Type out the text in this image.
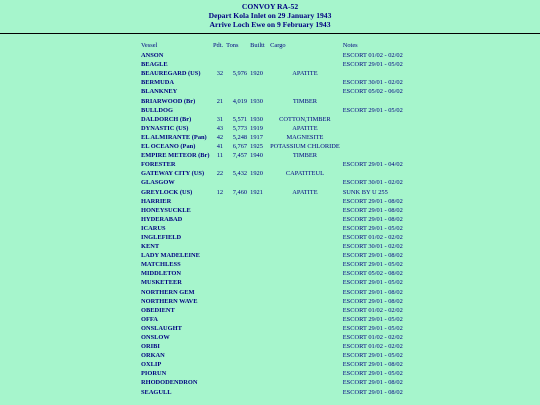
CONVOY RA-52
Depart Kola Inlet on 29 January 1943
Arrive Loch Ewe on 9 February 1943
Vessel	Pdt.	Tons	Builtt	Cargo	Notes
ANSON					ESCORT 01/02 - 02/02
BEAGLE					ESCORT 29/01 - 05/02
BEAUREGARD (US)	32	5,976	1920	APATITE	
BERMUDA					ESCORT 30/01 - 02/02
BLANKNEY					ESCORT 05/02 - 06/02
BRIARWOOD (Br)	21	4,019	1930	TIMBER	
BULLDOG					ESCORT 29/01 - 05/02
DALDORCH (Br)	31	5,571	1930	COTTON,TIMBER	
DYNASTIC (US)	43	5,773	1919	APATITE	
EL ALMIRANTE (Pan)	42	5,248	1917	MAGNESITE	
EL OCEANO (Pan)	41	6,767	1925	POTASSIUM CHLORIDE	
EMPIRE METEOR (Br)	11	7,457	1940	TIMBER	
FORESTER					ESCORT 29/01 - 04/02
GATEWAY CITY (US)	22	5,432	1920	CAPATITEUL	
GLASGOW					ESCORT 30/01 - 02/02
GREYLOCK (US)	12	7,460	1921	APATITE	SUNK BY U 255
HARRIER					ESCORT 29/01 - 08/02
HONEYSUCKLE					ESCORT 29/01 - 08/02
HYDERABAD					ESCORT 29/01 - 08/02
ICARUS					ESCORT 29/01 - 05/02
INGLEFIELD					ESCORT 01/02 - 02/02
KENT					ESCORT 30/01 - 02/02
LADY MADELEINE					ESCORT 29/01 - 08/02
MATCHLESS					ESCORT 29/01 - 05/02
MIDDLETON					ESCORT 05/02 - 08/02
MUSKETEER					ESCORT 29/01 - 05/02
NORTHERN GEM					ESCORT 29/01 - 08/02
NORTHERN WAVE					ESCORT 29/01 - 08/02
OBEDIENT					ESCORT 01/02 - 02/02
OFFA					ESCORT 29/01 - 05/02
ONSLAUGHT					ESCORT 29/01 - 05/02
ONSLOW					ESCORT 01/02 - 02/02
ORIBI					ESCORT 01/02 - 02/02
ORKAN					ESCORT 29/01 - 05/02
OXLIP					ESCORT 29/01 - 08/02
PIORUN					ESCORT 29/01 - 05/02
RHODODENDRON					ESCORT 29/01 - 08/02
SEAGULL					ESCORT 29/01 - 08/02
